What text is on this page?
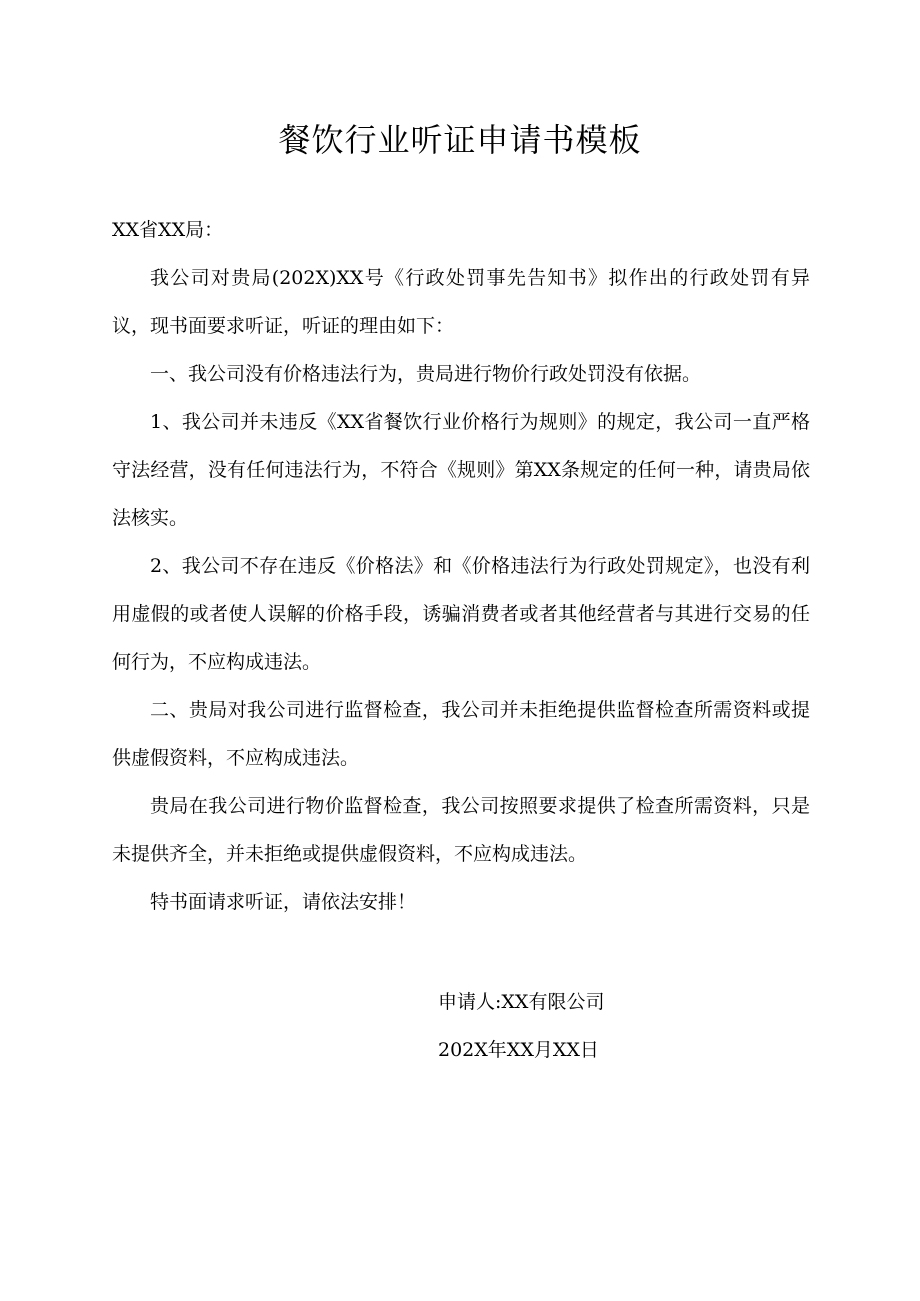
餐饮行业听证申请书模板
XX省XX局：

我公司对贵局(202X)XX号《行政处罚事先告知书》拟作出的行政处罚有异议，现书面要求听证，听证的理由如下：

一、我公司没有价格违法行为，贵局进行物价行政处罚没有依据。

1、我公司并未违反《XX省餐饮行业价格行为规则》的规定，我公司一直严格守法经营，没有任何违法行为，不符合《规则》第XX条规定的任何一种，请贵局依法核实。

2、我公司不存在违反《价格法》和《价格违法行为行政处罚规定》，也没有利用虚假的或者使人误解的价格手段，诱骗消费者或者其他经营者与其进行交易的任何行为，不应构成违法。

二、贵局对我公司进行监督检查，我公司并未拒绝提供监督检查所需资料或提供虚假资料，不应构成违法。

贵局在我公司进行物价监督检查，我公司按照要求提供了检查所需资料，只是未提供齐全，并未拒绝或提供虚假资料，不应构成违法。

特书面请求听证，请依法安排！

申请人:XX有限公司
202X年XX月XX日
